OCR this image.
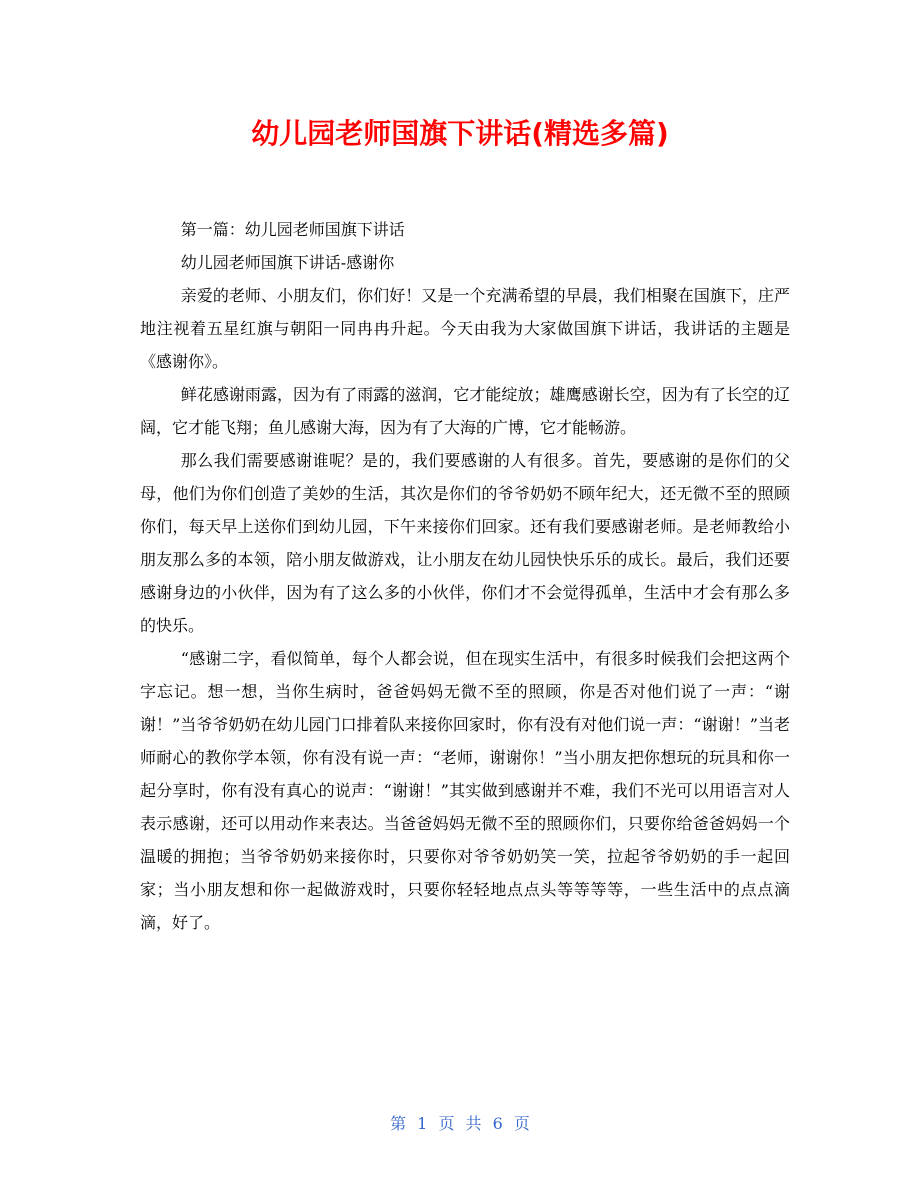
幼儿园老师国旗下讲话(精选多篇)

第一篇：幼儿园老师国旗下讲话

幼儿园老师国旗下讲话-感谢你

亲爱的老师、小朋友们，你们好！又是一个充满希望的早晨，我们相聚在国旗下，庄严地注视着五星红旗与朝阳一同冉冉升起。今天由我为大家做国旗下讲话，我讲话的主题是《感谢你》。

鲜花感谢雨露，因为有了雨露的滋润，它才能绽放；雄鹰感谢长空，因为有了长空的辽阔，它才能飞翔；鱼儿感谢大海，因为有了大海的广博，它才能畅游。

那么我们需要感谢谁呢？是的，我们要感谢的人有很多。首先，要感谢的是你们的父母，他们为你们创造了美妙的生活，其次是你们的爷爷奶奶不顾年纪大，还无微不至的照顾你们，每天早上送你们到幼儿园，下午来接你们回家。还有我们要感谢老师。是老师教给小朋友那么多的本领，陪小朋友做游戏，让小朋友在幼儿园快快乐乐的成长。最后，我们还要感谢身边的小伙伴，因为有了这么多的小伙伴，你们才不会觉得孤单，生活中才会有那么多的快乐。

“感谢二字，看似简单，每个人都会说，但在现实生活中，有很多时候我们会把这两个字忘记。想一想，当你生病时，爸爸妈妈无微不至的照顾，你是否对他们说了一声：“谢谢！”当爷爷奶奶在幼儿园门口排着队来接你回家时，你有没有对他们说一声：“谢谢！”当老师耐心的教你学本领，你有没有说一声：“老师，谢谢你！”当小朋友把你想玩的玩具和你一起分享时，你有没有真心的说声：“谢谢！”其实做到感谢并不难，我们不光可以用语言对人表示感谢，还可以用动作来表达。当爸爸妈妈无微不至的照顾你们，只要你给爸爸妈妈一个温暖的拥抱；当爷爷奶奶来接你时，只要你对爷爷奶奶笑一笑，拉起爷爷奶奶的手一起回家；当小朋友想和你一起做游戏时，只要你轻轻地点点头等等等等，一些生活中的点点滴滴，好了。

第 1 页 共 6 页
